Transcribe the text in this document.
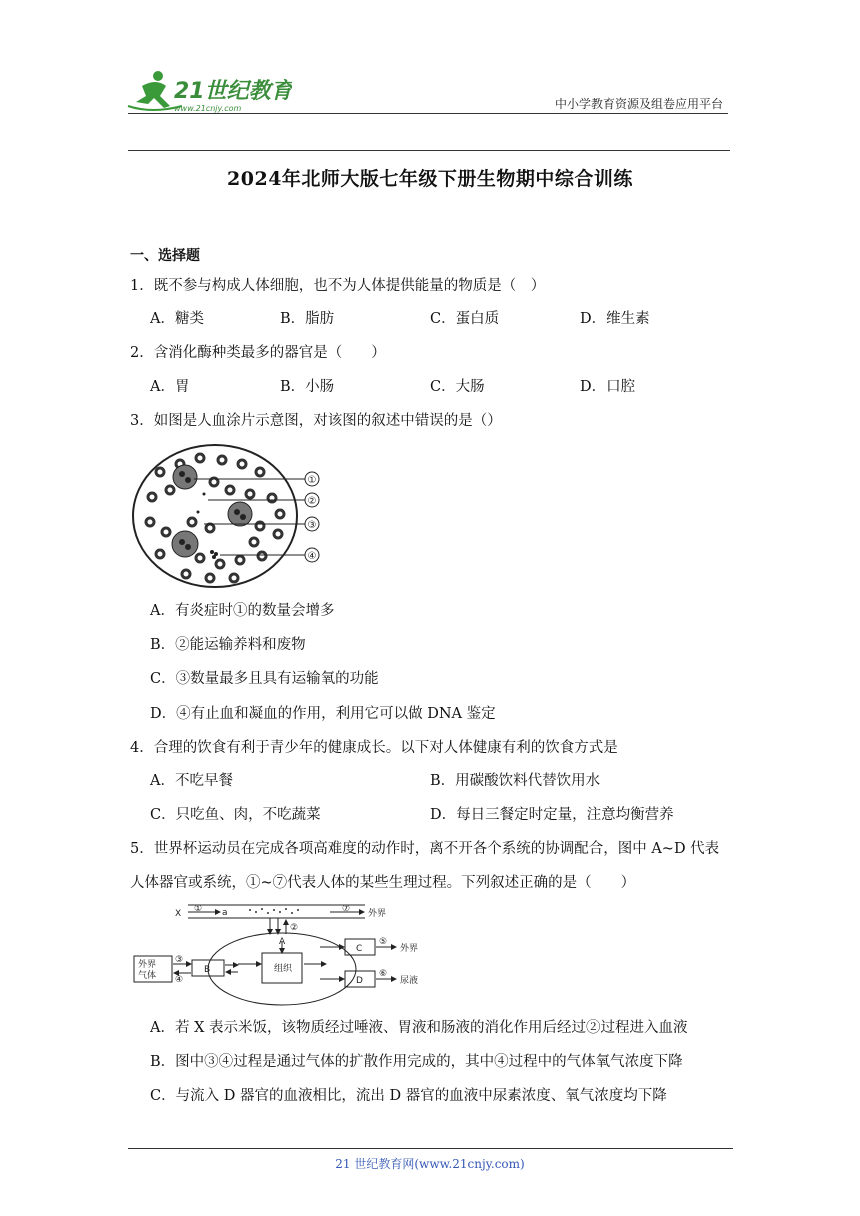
21世纪教育
www.21cnjy.com	中小学教育资源及组卷应用平台
2024年北师大版七年级下册生物期中综合训练
一、选择题
1．既不参与构成人体细胞，也不为人体提供能量的物质是（　）
A．糖类	B．脂肪	C．蛋白质	D．维生素
2．含消化酶种类最多的器官是（　　）
A．胃	B．小肠	C．大肠	D．口腔
3．如图是人血涂片示意图，对该图的叙述中错误的是（）
①
②
③
④
A．有炎症时①的数量会增多
B．②能运输养料和废物
C．③数量最多且具有运输氧的功能
D．④有止血和凝血的作用，利用它可以做 DNA 鉴定
4．合理的饮食有利于青少年的健康成长。以下对人体健康有利的饮食方式是
A．不吃早餐	B．用碳酸饮料代替饮用水
C．只吃鱼、肉，不吃蔬菜	D．每日三餐定时定量，注意均衡营养
5．世界杯运动员在完成各项高难度的动作时，离不开各个系统的协调配合，图中 A~D 代表
人体器官或系统，①~⑦代表人体的某些生理过程。下列叙述正确的是（　　）
X ① a	⑦ 外界
②
A
组织
C
⑤
外界
D
⑥
尿液
B
③
④
外界
气体
A．若 X 表示米饭，该物质经过唾液、胃液和肠液的消化作用后经过②过程进入血液
B．图中③④过程是通过气体的扩散作用完成的，其中④过程中的气体氧气浓度下降
C．与流入 D 器官的血液相比，流出 D 器官的血液中尿素浓度、氧气浓度均下降
21 世纪教育网(www.21cnjy.com)
